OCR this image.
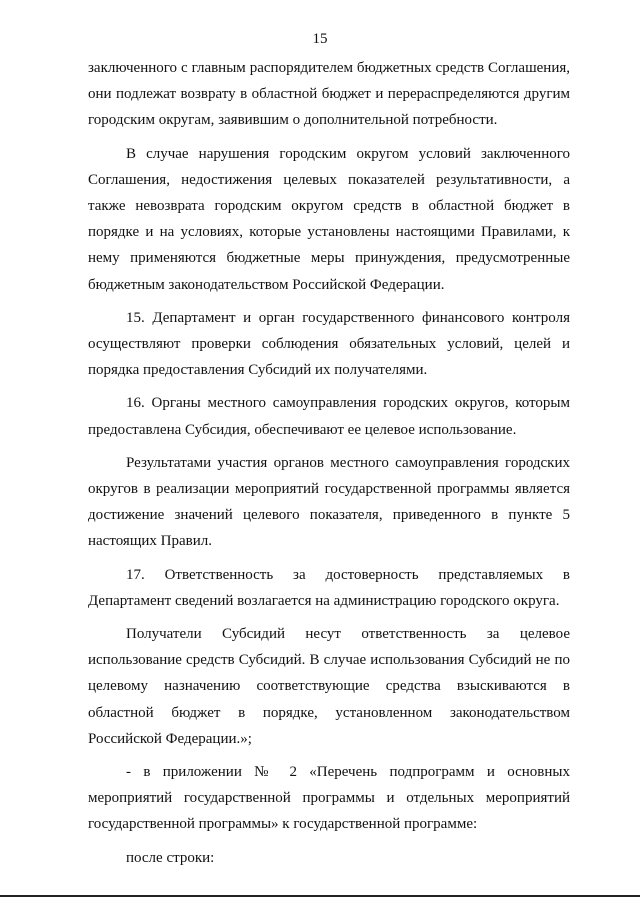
15

заключенного с главным распорядителем бюджетных средств Соглашения, они подлежат возврату в областной бюджет и перераспределяются другим городским округам, заявившим о дополнительной потребности.

В случае нарушения городским округом условий заключенного Соглашения, недостижения целевых показателей результативности, а также невозврата городским округом средств в областной бюджет в порядке и на условиях, которые установлены настоящими Правилами, к нему применяются бюджетные меры принуждения, предусмотренные бюджетным законодательством Российской Федерации.

15. Департамент и орган государственного финансового контроля осуществляют проверки соблюдения обязательных условий, целей и порядка предоставления Субсидий их получателями.

16. Органы местного самоуправления городских округов, которым предоставлена Субсидия, обеспечивают ее целевое использование.

Результатами участия органов местного самоуправления городских округов в реализации мероприятий государственной программы является достижение значений целевого показателя, приведенного в пункте 5 настоящих Правил.

17. Ответственность за достоверность представляемых в Департамент сведений возлагается на администрацию городского округа.

Получатели Субсидий несут ответственность за целевое использование средств Субсидий. В случае использования Субсидий не по целевому назначению соответствующие средства взыскиваются в областной бюджет в порядке, установленном законодательством Российской Федерации.»;

- в приложении № 2 «Перечень подпрограмм и основных мероприятий государственной программы и отдельных мероприятий государственной программы» к государственной программе:

после строки:
